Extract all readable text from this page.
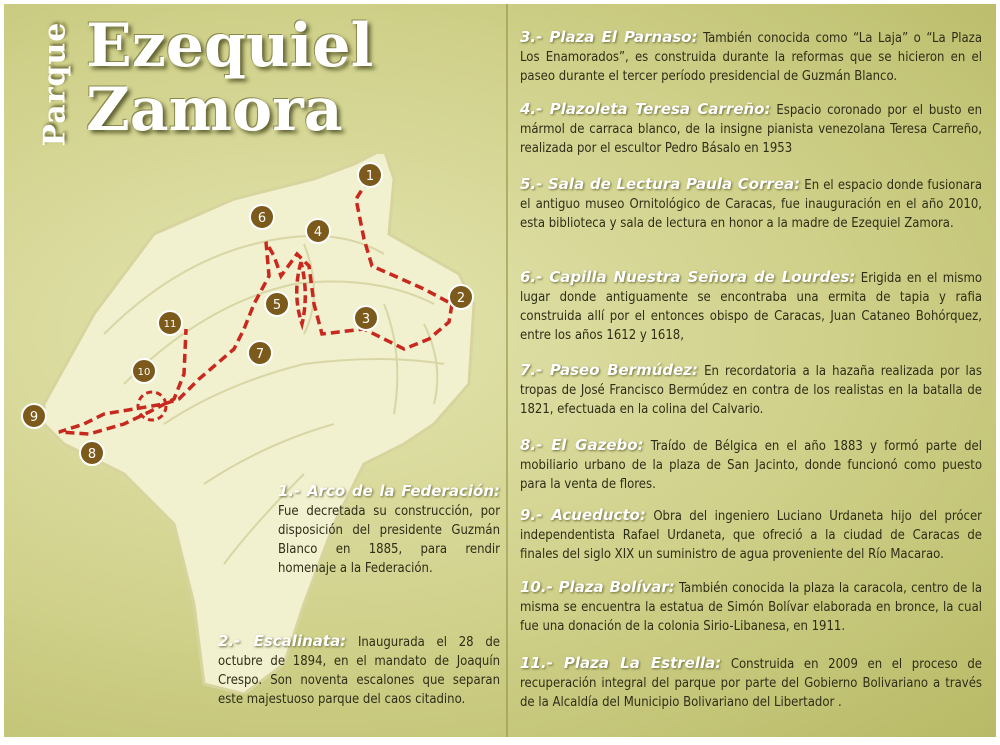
Parque Ezequiel
Zamora
1
2
3
4
5
6
7
8
9
10
11
1.- Arco de la Federación: Fue decretada su construcción, por disposición del presidente Guzmán Blanco en 1885, para rendir homenaje a la Federación.
2.- Escalinata: Inaugurada el 28 de octubre de 1894, en el mandato de Joaquín Crespo. Son noventa escalones que separan este majestuoso parque del caos citadino.
3.- Plaza El Parnaso: También conocida como “La Laja” o “La Plaza Los Enamorados”, es construida durante la reformas que se hicieron en el paseo durante el tercer período presidencial de Guzmán Blanco.
4.- Plazoleta Teresa Carreño: Espacio coronado por el busto en mármol de carraca blanco, de la insigne pianista venezolana Teresa Carreño, realizada por el escultor Pedro Básalo en 1953
5.- Sala de Lectura Paula Correa: En el espacio donde fusionara el antiguo museo Ornitológico de Caracas, fue inauguración en el año 2010, esta biblioteca y sala de lectura en honor a la madre de Ezequiel Zamora.
6.- Capilla Nuestra Señora de Lourdes: Erigida en el mismo lugar donde antiguamente se encontraba una ermita de tapia y rafia construida allí por el entonces obispo de Caracas, Juan Cataneo Bohórquez, entre los años 1612 y 1618,
7.- Paseo Bermúdez: En recordatoria a la hazaña realizada por las tropas de José Francisco Bermúdez en contra de los realistas en la batalla de 1821, efectuada en la colina del Calvario.
8.- El Gazebo: Traído de Bélgica en el año 1883 y formó parte del mobiliario urbano de la plaza de San Jacinto, donde funcionó como puesto para la venta de flores.
9.- Acueducto: Obra del ingeniero Luciano Urdaneta hijo del prócer independentista Rafael Urdaneta, que ofreció a la ciudad de Caracas de finales del siglo XIX un suministro de agua proveniente del Río Macarao.
10.- Plaza Bolívar: También conocida la plaza la caracola, centro de la misma se encuentra la estatua de Simón Bolívar elaborada en bronce, la cual fue una donación de la colonia Sirio-Libanesa, en 1911.
11.- Plaza La Estrella: Construida en 2009 en el proceso de recuperación integral del parque por parte del Gobierno Bolivariano a través de la Alcaldía del Municipio Bolivariano del Libertador .
